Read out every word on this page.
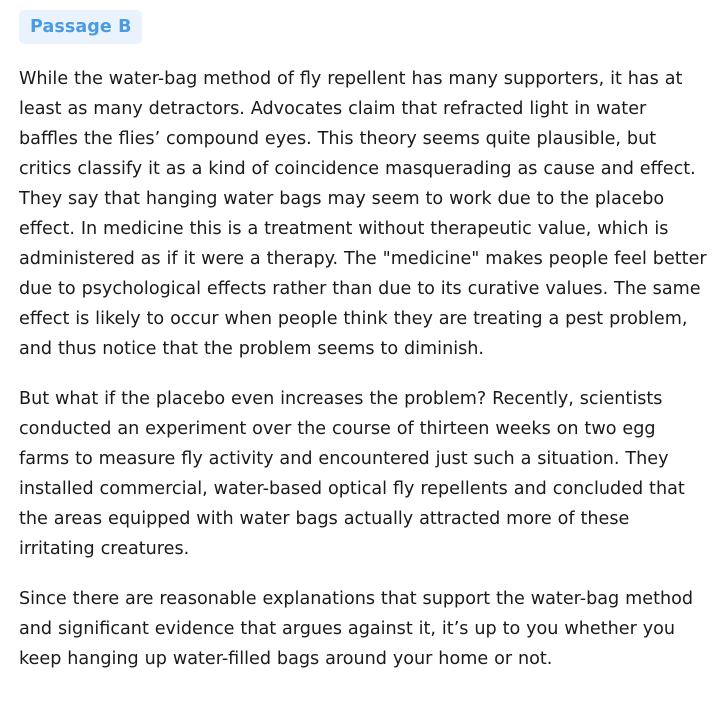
Passage B

While the water-bag method of fly repellent has many supporters, it has at least as many detractors. Advocates claim that refracted light in water baffles the flies’ compound eyes. This theory seems quite plausible, but critics classify it as a kind of coincidence masquerading as cause and effect. They say that hanging water bags may seem to work due to the placebo effect. In medicine this is a treatment without therapeutic value, which is administered as if it were a therapy. The "medicine" makes people feel better due to psychological effects rather than due to its curative values. The same effect is likely to occur when people think they are treating a pest problem, and thus notice that the problem seems to diminish.

But what if the placebo even increases the problem? Recently, scientists conducted an experiment over the course of thirteen weeks on two egg farms to measure fly activity and encountered just such a situation. They installed commercial, water-based optical fly repellents and concluded that the areas equipped with water bags actually attracted more of these irritating creatures.

Since there are reasonable explanations that support the water-bag method and significant evidence that argues against it, it’s up to you whether you keep hanging up water-filled bags around your home or not.
